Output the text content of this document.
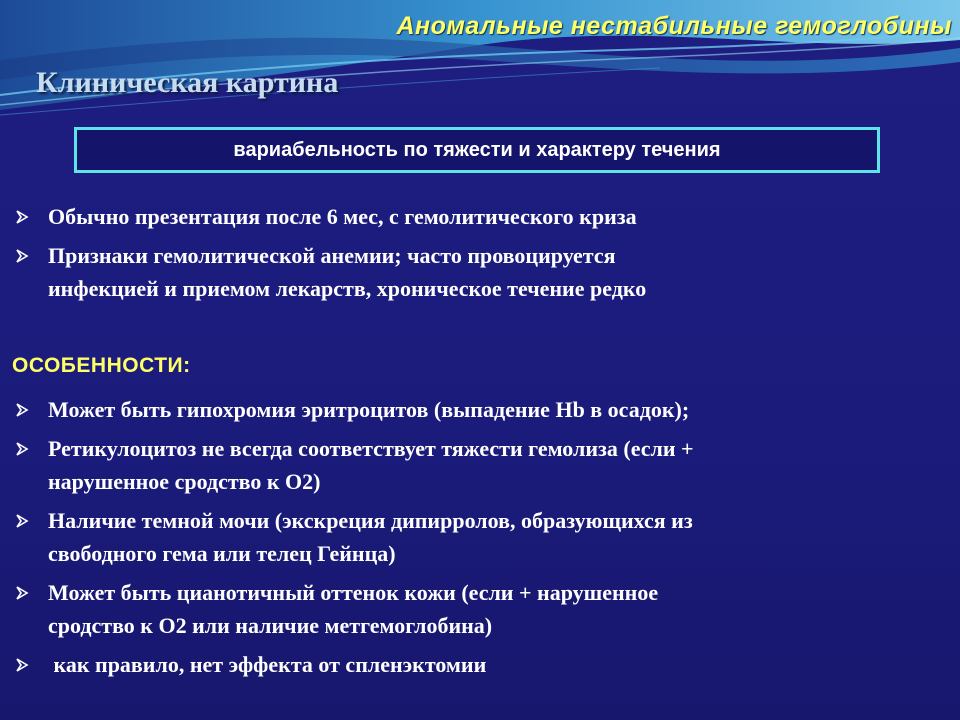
Аномальные нестабильные гемоглобины
Клиническая картина
вариабельность по тяжести и характеру течения
Обычно презентация после 6 мес, с гемолитического криза
Признаки гемолитической анемии; часто провоцируется
инфекцией и приемом лекарств, хроническое течение редко
ОСОБЕННОСТИ:
Может быть гипохромия эритроцитов (выпадение Hb в осадок);
Ретикулоцитоз не всегда соответствует тяжести гемолиза (если +
нарушенное сродство к О2)
Наличие темной мочи (экскреция дипирролов, образующихся из
свободного гема или телец Гейнца)
Может быть цианотичный оттенок кожи (если + нарушенное
сродство к О2 или наличие метгемоглобина)
как правило, нет эффекта от спленэктомии
